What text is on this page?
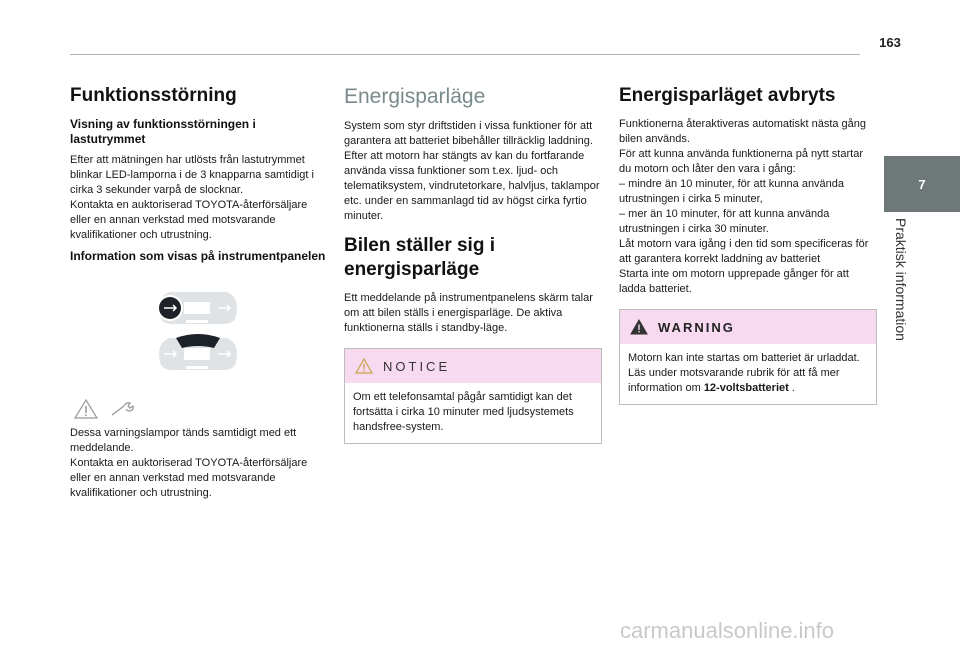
163
7
Praktisk information
Funktionsstörning
Visning av funktionsstörningen i lastutrymmet

Efter att mätningen har utlösts från lastutrymmet blinkar LED-lamporna i de 3 knapparna samtidigt i cirka 3 sekunder varpå de slocknar.

Kontakta en auktoriserad TOYOTA-återförsäljare eller en annan verkstad med motsvarande kvalifikationer och utrustning.

Information som visas på instrumentpanelen

Dessa varningslampor tänds samtidigt med ett meddelande.

Kontakta en auktoriserad TOYOTA-återförsäljare eller en annan verkstad med motsvarande kvalifikationer och utrustning.

Energisparläge

System som styr driftstiden i vissa funktioner för att garantera att batteriet bibehåller tillräcklig laddning.

Efter att motorn har stängts av kan du fortfarande använda vissa funktioner som t.ex. ljud- och telematiksystem, vindrutetorkare, halvljus, taklampor etc. under en sammanlagd tid av högst cirka fyrtio minuter.

Bilen ställer sig i energisparläge

Ett meddelande på instrumentpanelens skärm talar om att bilen ställs i energisparläge. De aktiva funktionerna ställs i standby-läge.

NOTICE

Om ett telefonsamtal pågår samtidigt kan det fortsätta i cirka 10 minuter med ljudsystemets handsfree-system.

Energisparläget avbryts

Funktionerna återaktiveras automatiskt nästa gång bilen används.

För att kunna använda funktionerna på nytt startar du motorn och låter den vara i gång:

– mindre än 10 minuter, för att kunna använda utrustningen i cirka 5 minuter,

– mer än 10 minuter, för att kunna använda utrustningen i cirka 30 minuter.

Låt motorn vara igång i den tid som specificeras för att garantera korrekt laddning av batteriet

Starta inte om motorn upprepade gånger för att ladda batteriet.

WARNING

Motorn kan inte startas om batteriet är urladdat.

Läs under motsvarande rubrik för att få mer information om 12-voltsbatteriet .

carmanualsonline.info
